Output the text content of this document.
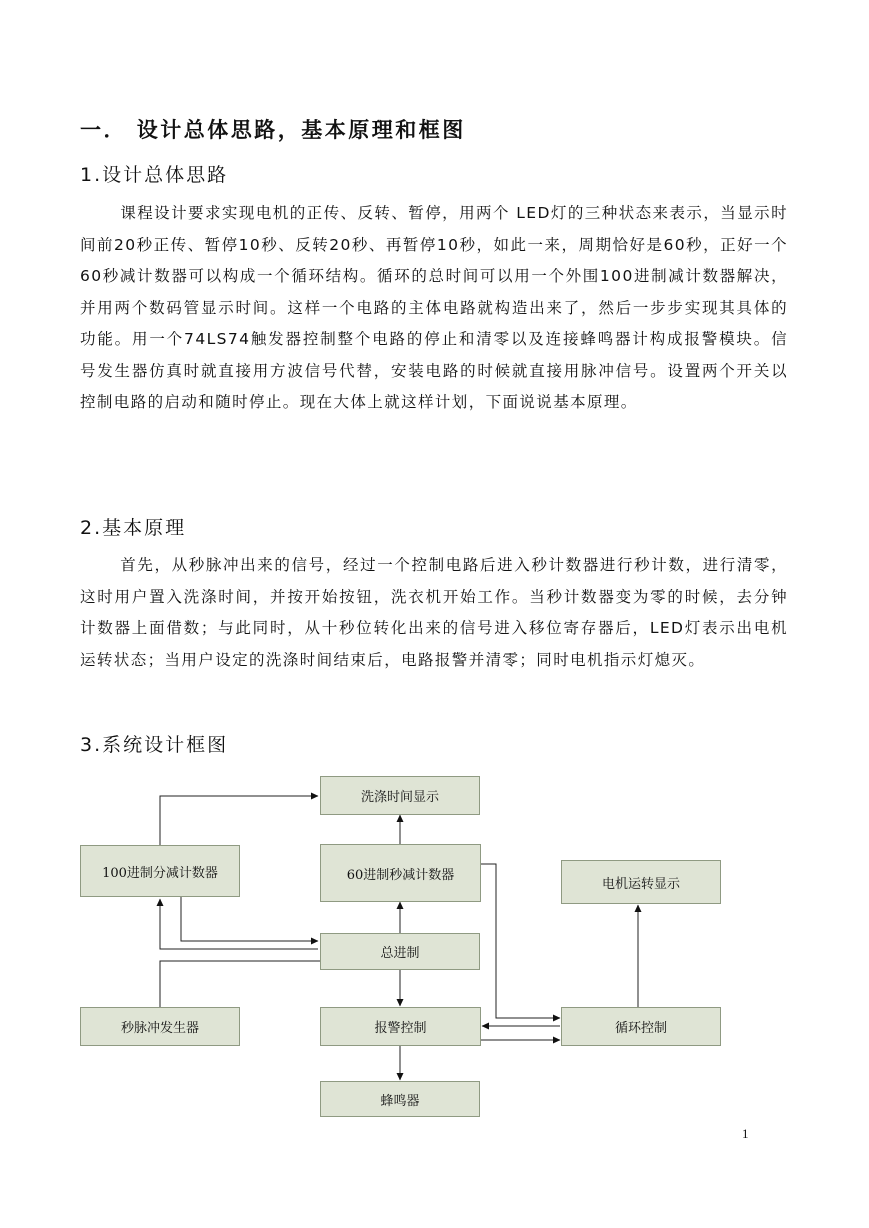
一． 设计总体思路，基本原理和框图
1.设计总体思路

课程设计要求实现电机的正传、反转、暂停，用两个 LED灯的三种状态来表示，当显示时间前20秒正传、暂停10秒、反转20秒、再暂停10秒，如此一来，周期恰好是60秒，正好一个60秒减计数器可以构成一个循环结构。循环的总时间可以用一个外围100进制减计数器解决，并用两个数码管显示时间。这样一个电路的主体电路就构造出来了，然后一步步实现其具体的功能。用一个74LS74触发器控制整个电路的停止和清零以及连接蜂鸣器计构成报警模块。信号发生器仿真时就直接用方波信号代替，安装电路的时候就直接用脉冲信号。设置两个开关以控制电路的启动和随时停止。现在大体上就这样计划，下面说说基本原理。

2.基本原理

首先，从秒脉冲出来的信号，经过一个控制电路后进入秒计数器进行秒计数，进行清零，这时用户置入洗涤时间，并按开始按钮，洗衣机开始工作。当秒计数器变为零的时候，去分钟计数器上面借数；与此同时，从十秒位转化出来的信号进入移位寄存器后，LED灯表示出电机运转状态；当用户设定的洗涤时间结束后，电路报警并清零；同时电机指示灯熄灭。

3.系统设计框图
洗涤时间显示
100进制分减计数器	60进制秒减计数器
电机运转显示
总进制
秒脉冲发生器	报警控制	循环控制
蜂鸣器
1
